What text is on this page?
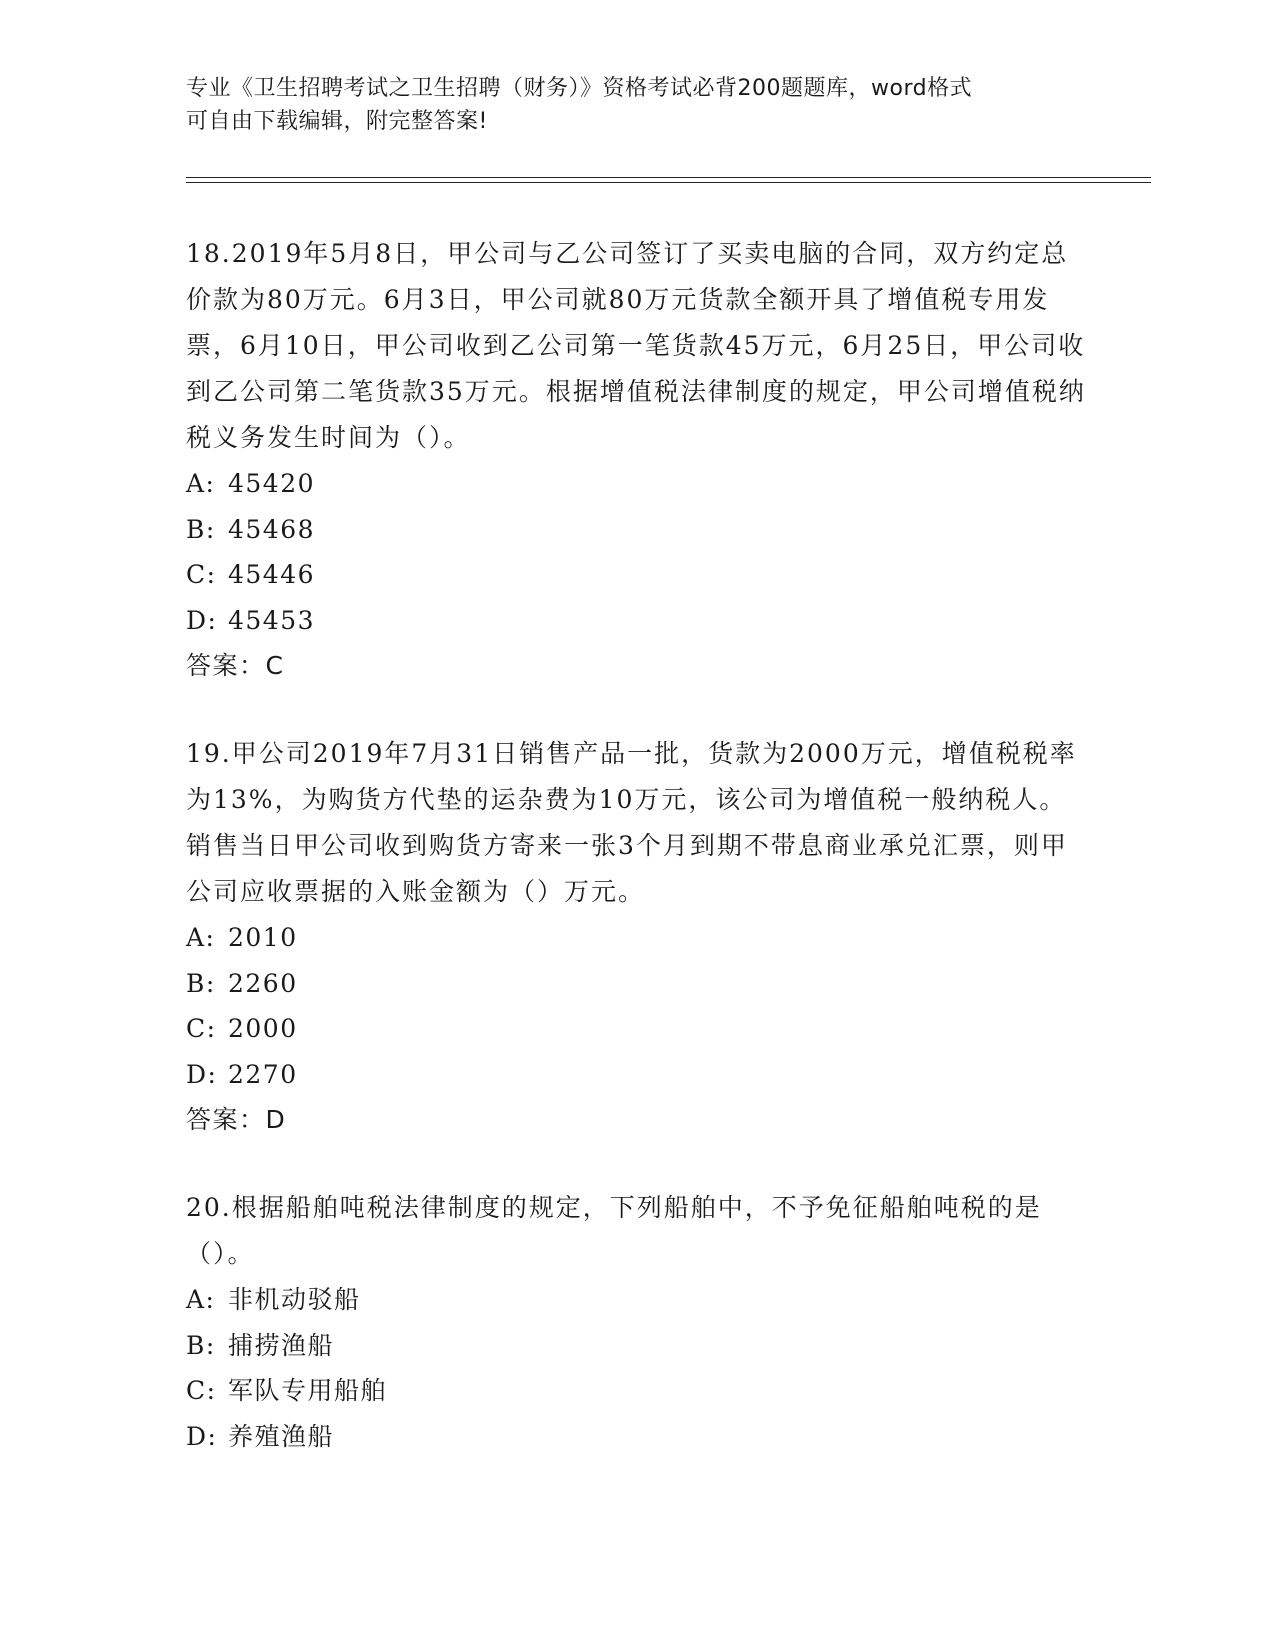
专业《卫生招聘考试之卫生招聘（财务）》资格考试必背200题题库，word格式
可自由下载编辑，附完整答案!

18.2019年5月8日，甲公司与乙公司签订了买卖电脑的合同，双方约定总价款为80万元。6月3日，甲公司就80万元货款全额开具了增值税专用发票，6月10日，甲公司收到乙公司第一笔货款45万元，6月25日，甲公司收到乙公司第二笔货款35万元。根据增值税法律制度的规定，甲公司增值税纳税义务发生时间为（）。

A: 45420
B: 45468
C: 45446
D: 45453

答案：C

19.甲公司2019年7月31日销售产品一批，货款为2000万元，增值税税率为13%，为购货方代垫的运杂费为10万元，该公司为增值税一般纳税人。销售当日甲公司收到购货方寄来一张3个月到期不带息商业承兑汇票，则甲公司应收票据的入账金额为（）万元。

A: 2010
B: 2260
C: 2000
D: 2270

答案：D

20.根据船舶吨税法律制度的规定，下列船舶中，不予免征船舶吨税的是（）。

A: 非机动驳船
B: 捕捞渔船
C: 军队专用船舶
D: 养殖渔船
